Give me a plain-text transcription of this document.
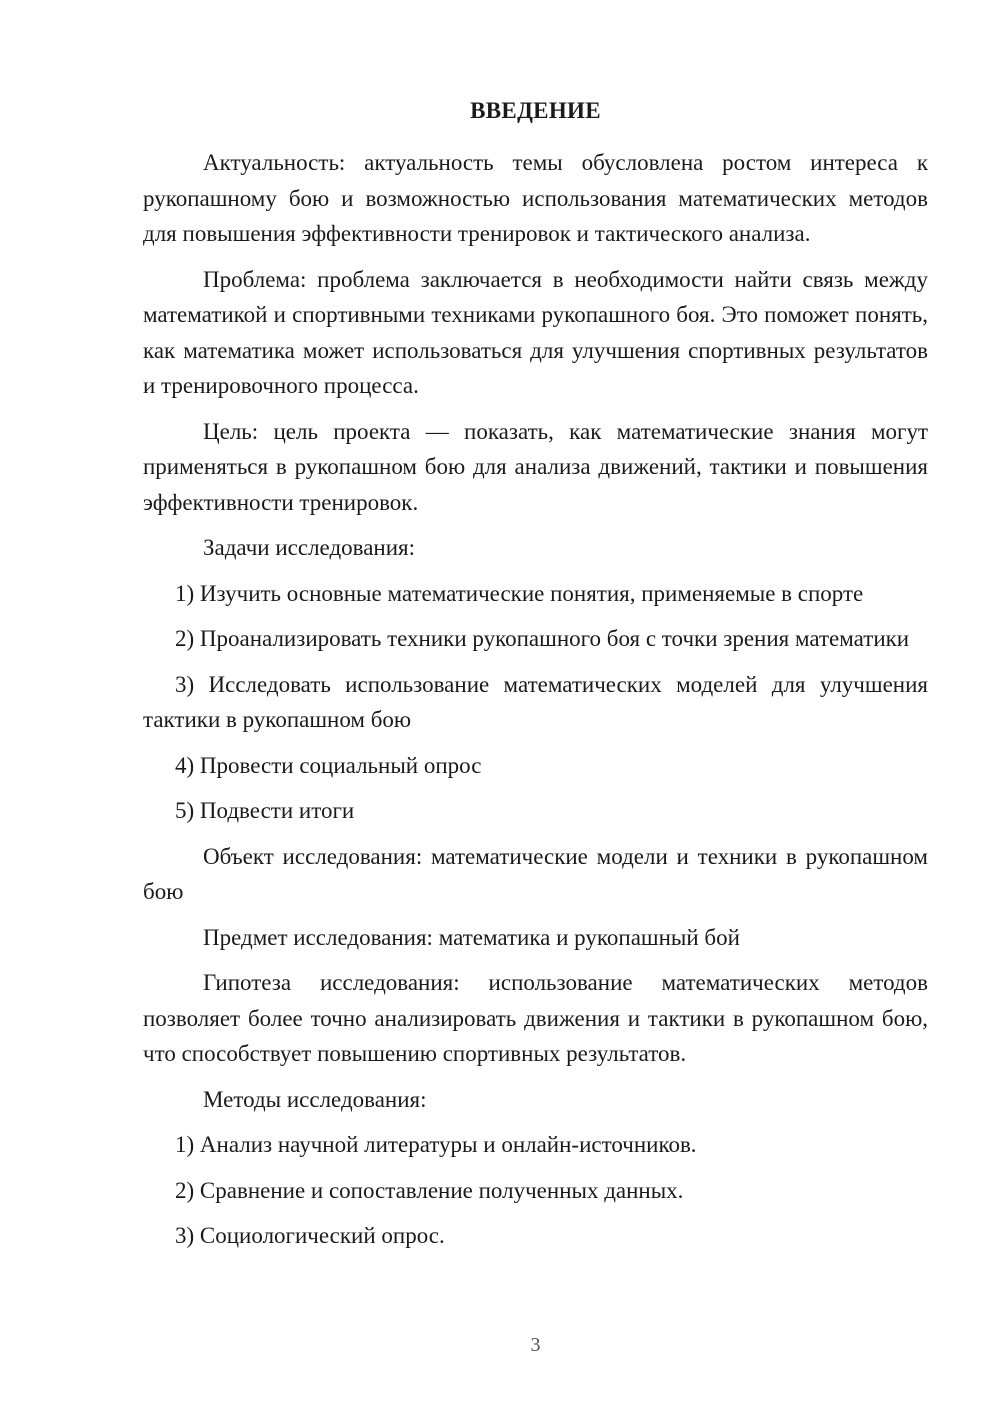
ВВЕДЕНИЕ

Актуальность: актуальность темы обусловлена ростом интереса к рукопашному бою и возможностью использования математических методов для повышения эффективности тренировок и тактического анализа.

Проблема: проблема заключается в необходимости найти связь между математикой и спортивными техниками рукопашного боя. Это поможет понять, как математика может использоваться для улучшения спортивных результатов и тренировочного процесса.

Цель: цель проекта — показать, как математические знания могут применяться в рукопашном бою для анализа движений, тактики и повышения эффективности тренировок.

Задачи исследования:

1) Изучить основные математические понятия, применяемые в спорте

2) Проанализировать техники рукопашного боя с точки зрения математики

3) Исследовать использование математических моделей для улучшения тактики в рукопашном бою

4) Провести социальный опрос

5) Подвести итоги

Объект исследования: математические модели и техники в рукопашном бою

Предмет исследования: математика и рукопашный бой

Гипотеза исследования: использование математических методов позволяет более точно анализировать движения и тактики в рукопашном бою, что способствует повышению спортивных результатов.

Методы исследования:

1) Анализ научной литературы и онлайн-источников.

2) Сравнение и сопоставление полученных данных.

3) Социологический опрос.

3
